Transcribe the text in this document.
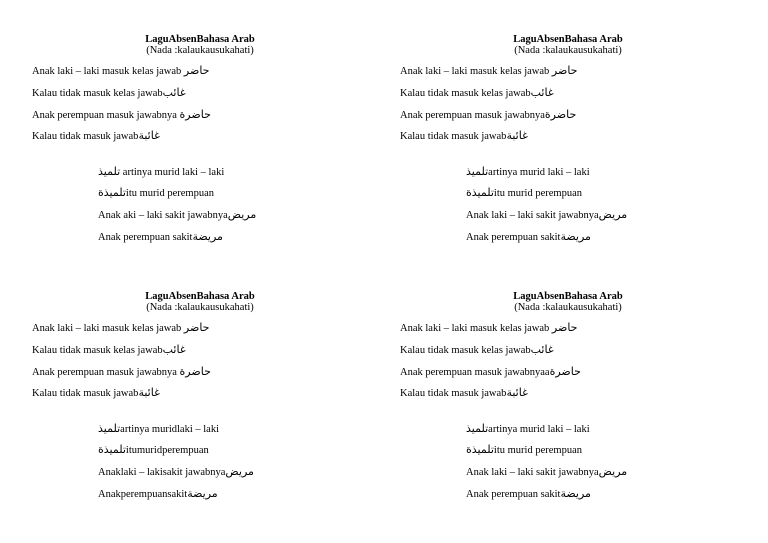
LaguAbsenBahasa Arab
(Nada :kalaukausukahati)
Anak laki – laki masuk kelas jawab حاضر
Kalau tidak masuk kelas jawabغائب
Anak perempuan masuk jawabnya حاضرة
Kalau tidak masuk jawabغائبة
تلميذ artinya murid laki – laki
تلميذةitu murid perempuan
Anak aki – laki sakit jawabnyaمريض
Anak perempuan sakitمريضة
LaguAbsenBahasa Arab
(Nada :kalaukausukahati)
Anak laki – laki masuk kelas jawab حاضر
Kalau tidak masuk kelas jawabغائب
Anak perempuan masuk jawabnyaحاضرة
Kalau tidak masuk jawabغائبة
تلميذartinya murid laki – laki
تلميذةitu murid perempuan
Anak laki – laki sakit jawabnyaمريض
Anak perempuan sakitمريضة
LaguAbsenBahasa Arab
(Nada :kalaukausukahati)
Anak laki – laki masuk kelas jawab حاضر
Kalau tidak masuk kelas jawabغائب
Anak perempuan masuk jawabnya حاضرة
Kalau tidak masuk jawabغائبة
تلميذartinya muridlaki – laki
تلميذةitumuridperempuan
Anaklaki – lakisakit jawabnyaمريض
Anakperempuansakitمريضة
LaguAbsenBahasa Arab
(Nada :kalaukausukahati)
Anak laki – laki masuk kelas jawab حاضر
Kalau tidak masuk kelas jawabغائب
Anak perempuan masuk jawabnyaaحاضرة
Kalau tidak masuk jawabغائبة
تلميذartinya murid laki – laki
تلميذةitu murid perempuan
Anak laki – laki sakit jawabnyaمريض
Anak perempuan sakitمريضة
